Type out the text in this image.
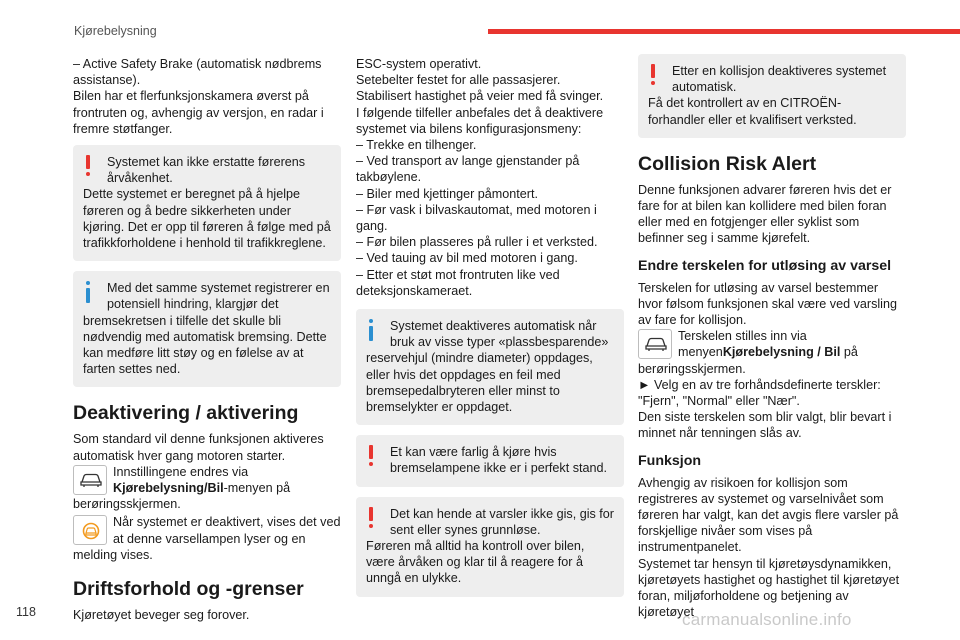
Kjørebelysning

– Active Safety Brake (automatisk nødbrems assistanse).

Bilen har et flerfunksjonskamera øverst på frontruten og, avhengig av versjon, en radar i fremre støtfanger.

Systemet kan ikke erstatte førerens årvåkenhet.

Dette systemet er beregnet på å hjelpe føreren og å bedre sikkerheten under kjøring. Det er opp til føreren å følge med på trafikkforholdene i henhold til trafikkreglene.

Med det samme systemet registrerer en potensiell hindring, klargjør det

bremsekretsen i tilfelle det skulle bli nødvendig med automatisk bremsing. Dette kan medføre litt støy og en følelse av at farten settes ned.

Deaktivering / aktivering

Som standard vil denne funksjonen aktiveres automatisk hver gang motoren starter.

Innstillingene endres via
Kjørebelysning/Bil-menyen på

berøringsskjermen.

Når systemet er deaktivert, vises det ved at denne varsellampen lyser og en

melding vises.

Driftsforhold og -grenser

Kjøretøyet beveger seg forover.

ESC-system operativt.

Setebelter festet for alle passasjerer.

Stabilisert hastighet på veier med få svinger.

I følgende tilfeller anbefales det å deaktivere systemet via bilens konfigurasjonsmeny:

– Trekke en tilhenger.

– Ved transport av lange gjenstander på takbøylene.

– Biler med kjettinger påmontert.

– Før vask i bilvaskautomat, med motoren i gang.

– Før bilen plasseres på ruller i et verksted.

– Ved tauing av bil med motoren i gang.

– Etter et støt mot frontruten like ved deteksjonskameraet.

Systemet deaktiveres automatisk når bruk av visse typer «plassbesparende»

reservehjul (mindre diameter) oppdages, eller hvis det oppdages en feil med bremsepedalbryteren eller minst to bremselykter er oppdaget.

Et kan være farlig å kjøre hvis bremselampene ikke er i perfekt stand.

Det kan hende at varsler ikke gis, gis for sent eller synes grunnløse.

Føreren må alltid ha kontroll over bilen, være årvåken og klar til å reagere for å unngå en ulykke.

Etter en kollisjon deaktiveres systemet automatisk.

Få det kontrollert av en CITROËN-forhandler eller et kvalifisert verksted.

Collision Risk Alert

Denne funksjonen advarer føreren hvis det er fare for at bilen kan kollidere med bilen foran eller med en fotgjenger eller syklist som befinner seg i samme kjørefelt.

Endre terskelen for utløsing av varsel

Terskelen for utløsing av varsel bestemmer hvor følsom funksjonen skal være ved varsling av fare for kollisjon.

Terskelen stilles inn via
menyenKjørebelysning / Bil på

berøringsskjermen.

► Velg en av tre forhåndsdefinerte terskler: "Fjern", "Normal" eller "Nær".

Den siste terskelen som blir valgt, blir bevart i minnet når tenningen slås av.

Funksjon

Avhengig av risikoen for kollisjon som registreres av systemet og varselnivået som føreren har valgt, kan det avgis flere varsler på forskjellige nivåer som vises på instrumentpanelet.

Systemet tar hensyn til kjøretøysdynamikken, kjøretøyets hastighet og hastighet til kjøretøyet foran, miljøforholdene og betjening av kjøretøyet

118	carmanualsonline.info
